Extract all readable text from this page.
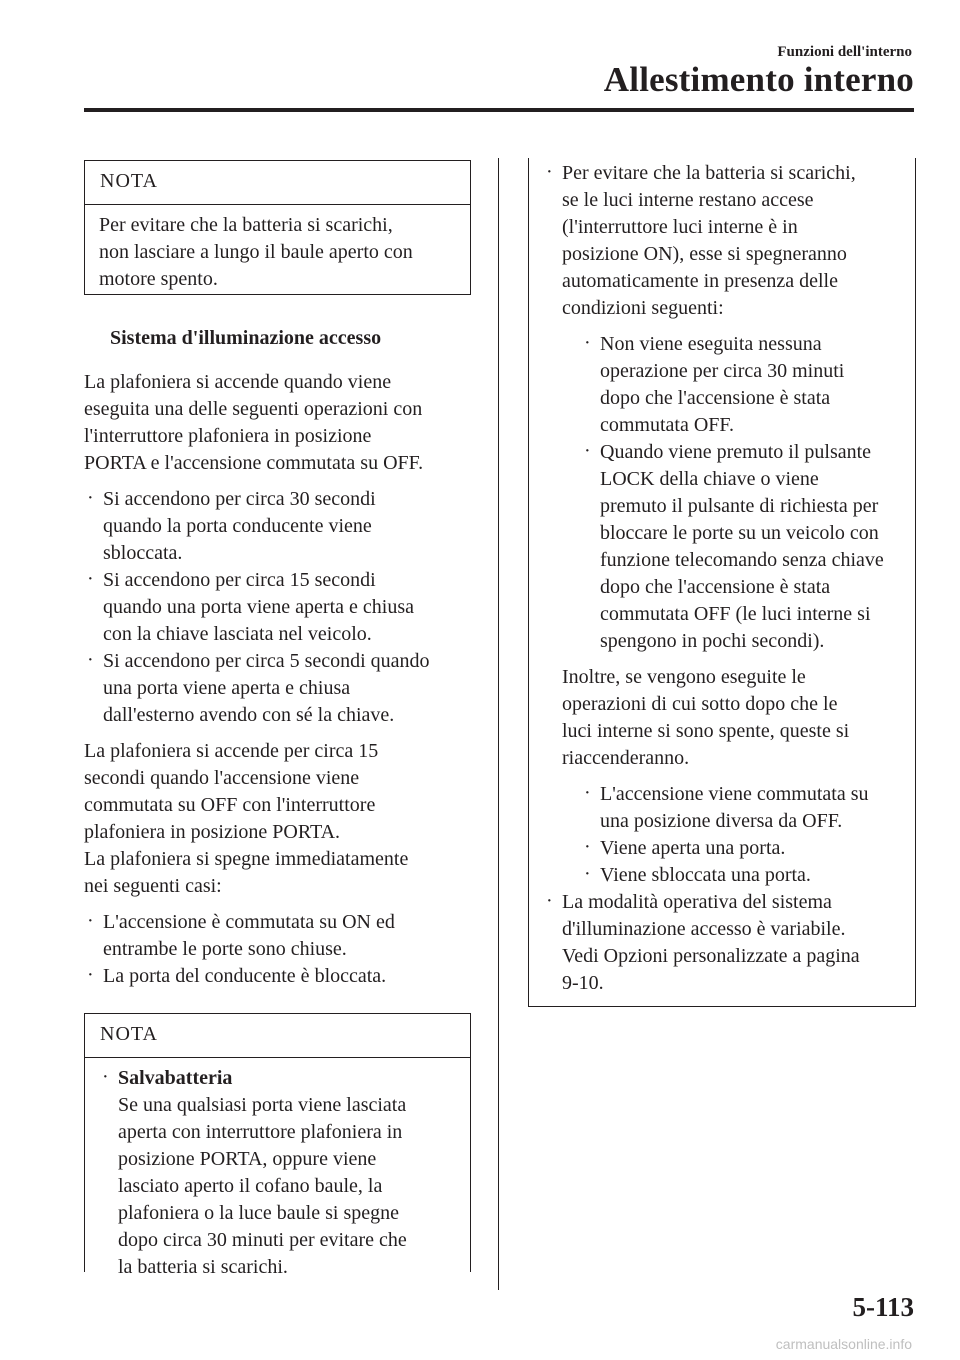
Funzioni dell'interno
Allestimento interno
NOTA

Per evitare che la batteria si scarichi,

non lasciare a lungo il baule aperto con

motore spento.

Sistema d'illuminazione accesso

La plafoniera si accende quando viene

eseguita una delle seguenti operazioni con

l'interruttore plafoniera in posizione

PORTA e l'accensione commutata su OFF.

· Si accendono per circa 30 secondi

quando la porta conducente viene

sbloccata.

· Si accendono per circa 15 secondi

quando una porta viene aperta e chiusa

con la chiave lasciata nel veicolo.

· Si accendono per circa 5 secondi quando

una porta viene aperta e chiusa

dall'esterno avendo con sé la chiave.

La plafoniera si accende per circa 15

secondi quando l'accensione viene

commutata su OFF con l'interruttore

plafoniera in posizione PORTA.

La plafoniera si spegne immediatamente

nei seguenti casi:

· L'accensione è commutata su ON ed

entrambe le porte sono chiuse.

· La porta del conducente è bloccata.

NOTA
· Salvabatteria

Se una qualsiasi porta viene lasciata

aperta con interruttore plafoniera in

posizione PORTA, oppure viene

lasciato aperto il cofano baule, la

plafoniera o la luce baule si spegne

dopo circa 30 minuti per evitare che

la batteria si scarichi.

· Per evitare che la batteria si scarichi,

se le luci interne restano accese

(l'interruttore luci interne è in

posizione ON), esse si spegneranno

automaticamente in presenza delle

condizioni seguenti:

· Non viene eseguita nessuna

operazione per circa 30 minuti

dopo che l'accensione è stata

commutata OFF.

· Quando viene premuto il pulsante

LOCK della chiave o viene

premuto il pulsante di richiesta per

bloccare le porte su un veicolo con

funzione telecomando senza chiave

dopo che l'accensione è stata

commutata OFF (le luci interne si

spengono in pochi secondi).

Inoltre, se vengono eseguite le

operazioni di cui sotto dopo che le

luci interne si sono spente, queste si

riaccenderanno.

· L'accensione viene commutata su

una posizione diversa da OFF.

· Viene aperta una porta.

· Viene sbloccata una porta.

· La modalità operativa del sistema

d'illuminazione accesso è variabile.

Vedi Opzioni personalizzate a pagina

9-10.

5-113
carmanualsonline.info
